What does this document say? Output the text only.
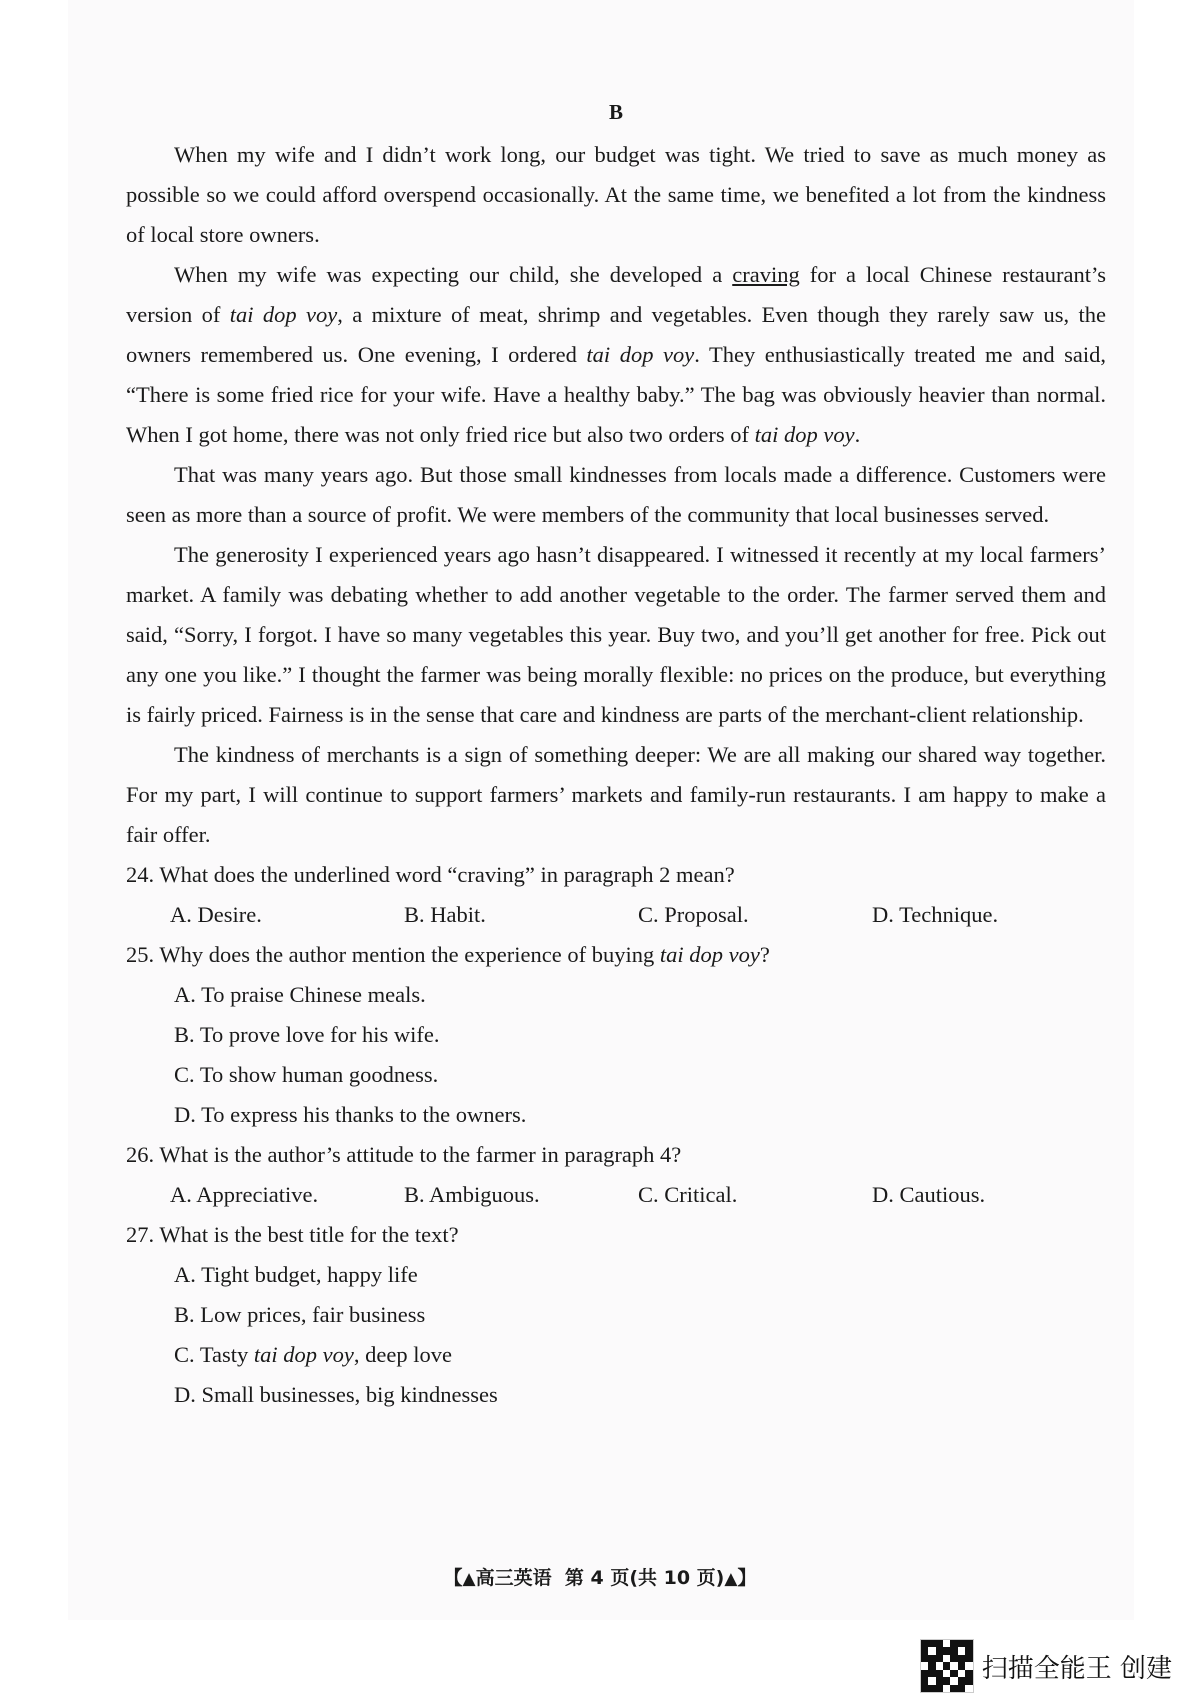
B

When my wife and I didn’t work long, our budget was tight. We tried to save as much money as possible so we could afford overspend occasionally. At the same time, we benefited a lot from the kindness of local store owners.

When my wife was expecting our child, she developed a craving for a local Chinese restaurant’s version of tai dop voy, a mixture of meat, shrimp and vegetables. Even though they rarely saw us, the owners remembered us. One evening, I ordered tai dop voy. They enthusiastically treated me and said, “There is some fried rice for your wife. Have a healthy baby.” The bag was obviously heavier than normal. When I got home, there was not only fried rice but also two orders of tai dop voy.

That was many years ago. But those small kindnesses from locals made a difference. Customers were seen as more than a source of profit. We were members of the community that local businesses served.

The generosity I experienced years ago hasn’t disappeared. I witnessed it recently at my local farmers’ market. A family was debating whether to add another vegetable to the order. The farmer served them and said, “Sorry, I forgot. I have so many vegetables this year. Buy two, and you’ll get another for free. Pick out any one you like.” I thought the farmer was being morally flexible: no prices on the produce, but everything is fairly priced. Fairness is in the sense that care and kindness are parts of the merchant-client relationship.

The kindness of merchants is a sign of something deeper: We are all making our shared way together. For my part, I will continue to support farmers’ markets and family-run restaurants. I am happy to make a fair offer.

24. What does the underlined word “craving” in paragraph 2 mean?
A. Desire.	B. Habit.	C. Proposal.	D. Technique.
25. Why does the author mention the experience of buying tai dop voy?
A. To praise Chinese meals.
B. To prove love for his wife.
C. To show human goodness.
D. To express his thanks to the owners.
26. What is the author’s attitude to the farmer in paragraph 4?
A. Appreciative.	B. Ambiguous.	C. Critical.	D. Cautious.
27. What is the best title for the text?
A. Tight budget, happy life
B. Low prices, fair business
C. Tasty tai dop voy, deep love
D. Small businesses, big kindnesses
【▲高三英语 第 4 页(共 10 页)▲】
扫描全能王 创建
